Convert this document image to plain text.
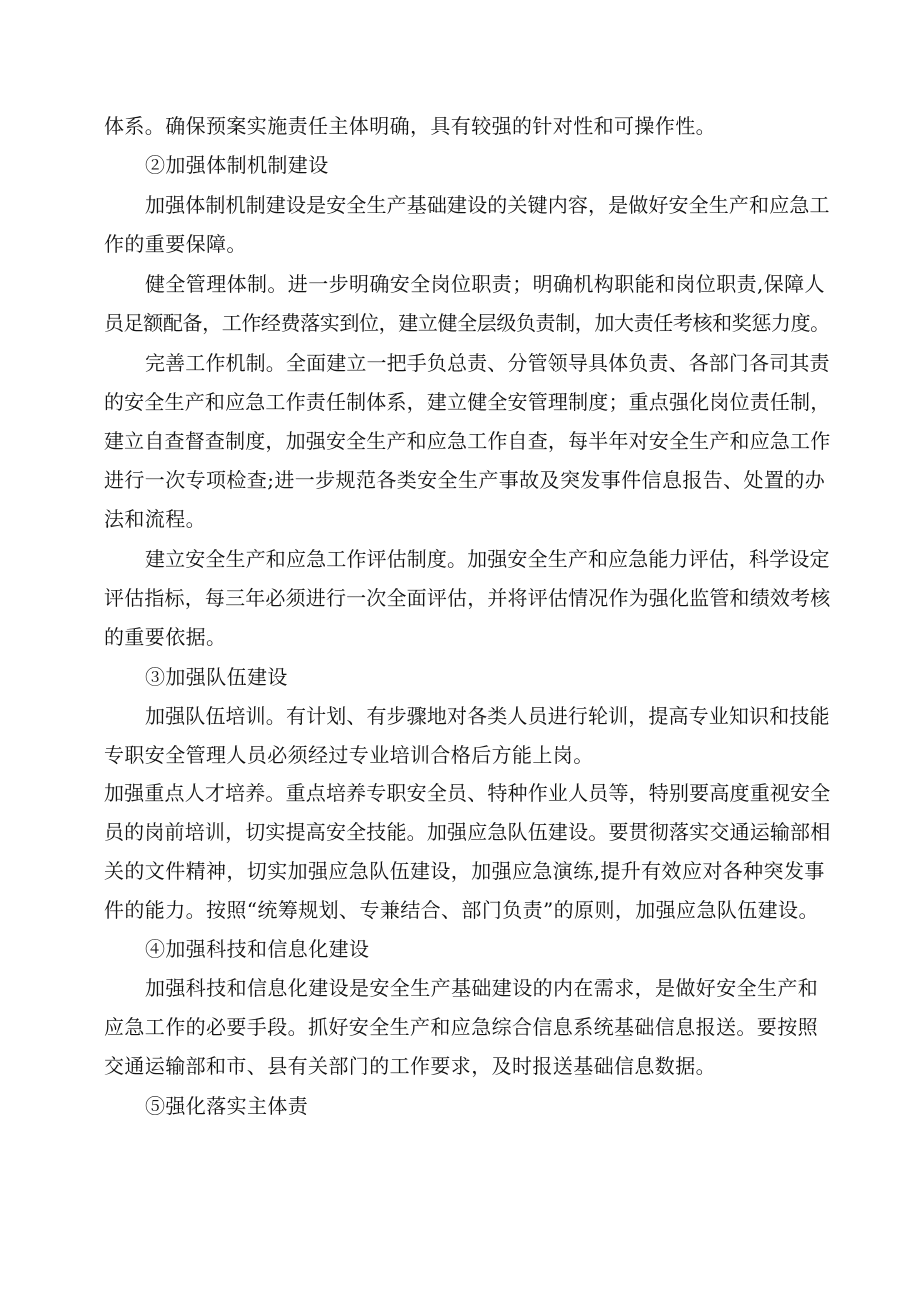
体系。确保预案实施责任主体明确，具有较强的针对性和可操作性。
②加强体制机制建设
加强体制机制建设是安全生产基础建设的关键内容，是做好安全生产和应急工
作的重要保障。
健全管理体制。进一步明确安全岗位职责；明确机构职能和岗位职责,保障人
员足额配备，工作经费落实到位，建立健全层级负责制，加大责任考核和奖惩力度。
完善工作机制。全面建立一把手负总责、分管领导具体负责、各部门各司其责
的安全生产和应急工作责任制体系，建立健全安管理制度；重点强化岗位责任制，
建立自查督查制度，加强安全生产和应急工作自查，每半年对安全生产和应急工作
进行一次专项检查;进一步规范各类安全生产事故及突发事件信息报告、处置的办
法和流程。
建立安全生产和应急工作评估制度。加强安全生产和应急能力评估，科学设定
评估指标，每三年必须进行一次全面评估，并将评估情况作为强化监管和绩效考核
的重要依据。
③加强队伍建设
加强队伍培训。有计划、有步骤地对各类人员进行轮训，提高专业知识和技能
专职安全管理人员必须经过专业培训合格后方能上岗。
加强重点人才培养。重点培养专职安全员、特种作业人员等，特别要高度重视安全
员的岗前培训，切实提高安全技能。加强应急队伍建设。要贯彻落实交通运输部相
关的文件精神，切实加强应急队伍建设，加强应急演练,提升有效应对各种突发事
件的能力。按照“统筹规划、专兼结合、部门负责”的原则，加强应急队伍建设。
④加强科技和信息化建设
加强科技和信息化建设是安全生产基础建设的内在需求，是做好安全生产和
应急工作的必要手段。抓好安全生产和应急综合信息系统基础信息报送。要按照
交通运输部和市、县有关部门的工作要求，及时报送基础信息数据。
⑤强化落实主体责
